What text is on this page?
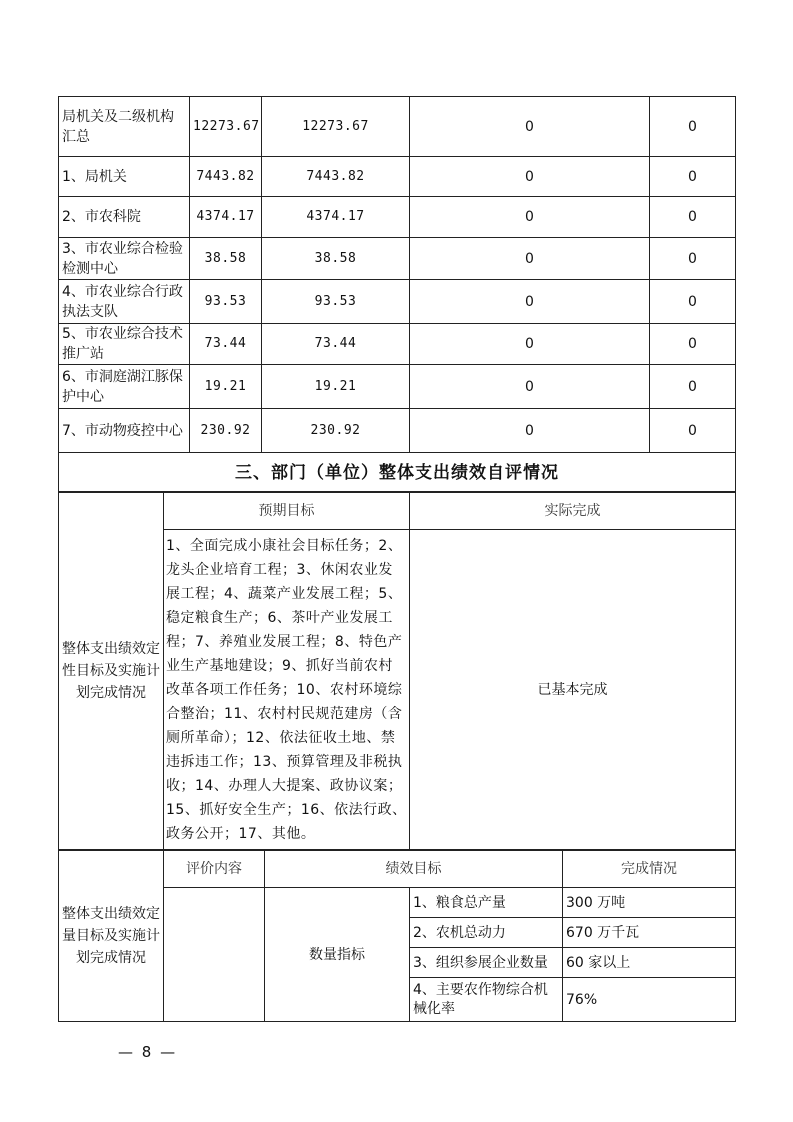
局机关及二级机构汇总	12273.67	12273.67	0	0
1、局机关	7443.82	7443.82	0	0
2、市农科院	4374.17	4374.17	0	0
3、市农业综合检验检测中心	38.58	38.58	0	0
4、市农业综合行政执法支队	93.53	93.53	0	0
5、市农业综合技术推广站	73.44	73.44	0	0
6、市洞庭湖江豚保护中心	19.21	19.21	0	0
7、市动物疫控中心	230.92	230.92	0	0
三、部门（单位）整体支出绩效自评情况				
整体支出绩效定性目标及实施计划完成情况	预期目标	实际完成
	1、全面完成小康社会目标任务；2、龙头企业培育工程；3、休闲农业发展工程；4、蔬菜产业发展工程；5、稳定粮食生产；6、茶叶产业发展工程；7、养殖业发展工程；8、特色产业生产基地建设；9、抓好当前农村改革各项工作任务；10、农村环境综合整治；11、农村村民规范建房（含厕所革命）；12、依法征收土地、禁违拆违工作；13、预算管理及非税执收；14、办理人大提案、政协议案；15、抓好安全生产；16、依法行政、政务公开；17、其他。	已基本完成
整体支出绩效定量目标及实施计划完成情况	评价内容	绩效目标		完成情况
		数量指标	1、粮食总产量	300 万吨
			2、农机总动力	670 万千瓦
			3、组织参展企业数量	60 家以上
			4、主要农作物综合机械化率	76%
— 8 —
